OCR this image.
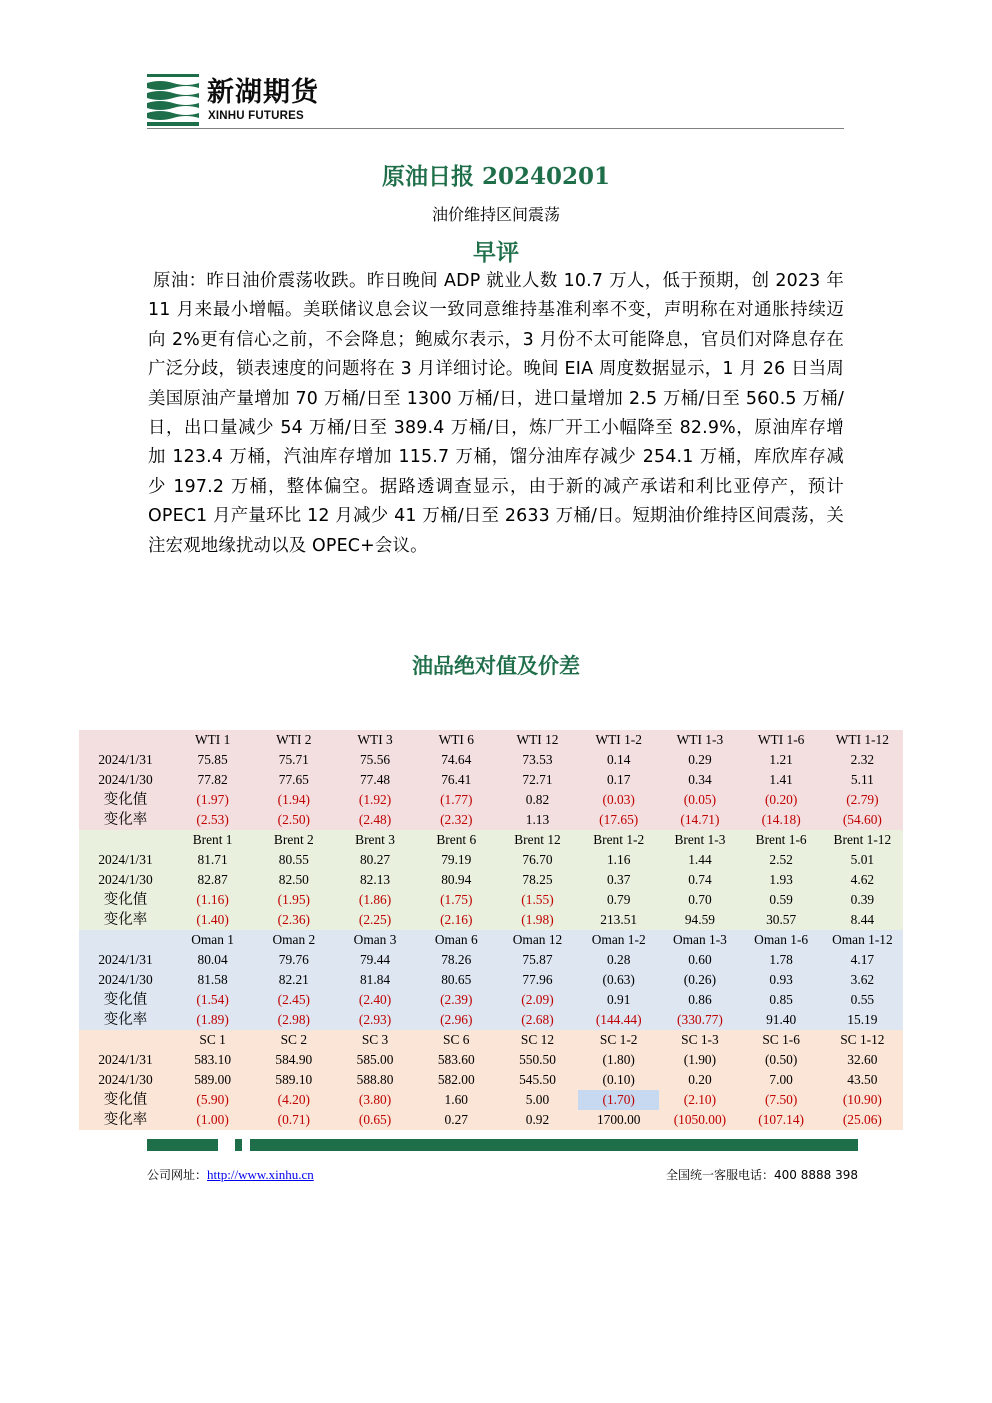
新湖期货
XINHU FUTURES
原油日报 20240201
油价维持区间震荡
早评

原油：昨日油价震荡收跌。昨日晚间 ADP 就业人数 10.7 万人，低于预期，创 2023 年 11 月来最小增幅。美联储议息会议一致同意维持基准利率不变，声明称在对通胀持续迈向 2%更有信心之前，不会降息；鲍威尔表示，3 月份不太可能降息，官员们对降息存在广泛分歧，锁表速度的问题将在 3 月详细讨论。晚间 EIA 周度数据显示，1 月 26 日当周美国原油产量增加 70 万桶/日至 1300 万桶/日，进口量增加 2.5 万桶/日至 560.5 万桶/日，出口量减少 54 万桶/日至 389.4 万桶/日，炼厂开工小幅降至 82.9%，原油库存增加 123.4 万桶，汽油库存增加 115.7 万桶，馏分油库存减少 254.1 万桶，库欣库存减少 197.2 万桶，整体偏空。据路透调查显示，由于新的减产承诺和利比亚停产，预计 OPEC1 月产量环比 12 月减少 41 万桶/日至 2633 万桶/日。短期油价维持区间震荡，关注宏观地缘扰动以及 OPEC+会议。

油品绝对值及价差
	WTI 1	WTI 2	WTI 3	WTI 6	WTI 12	WTI 1-2	WTI 1-3	WTI 1-6	WTI 1-12
2024/1/31	75.85	75.71	75.56	74.64	73.53	0.14	0.29	1.21	2.32
2024/1/30	77.82	77.65	77.48	76.41	72.71	0.17	0.34	1.41	5.11
变化值	(1.97)	(1.94)	(1.92)	(1.77)	0.82	(0.03)	(0.05)	(0.20)	(2.79)
变化率	(2.53)	(2.50)	(2.48)	(2.32)	1.13	(17.65)	(14.71)	(14.18)	(54.60)
	Brent 1	Brent 2	Brent 3	Brent 6	Brent 12	Brent 1-2	Brent 1-3	Brent 1-6	Brent 1-12
2024/1/31	81.71	80.55	80.27	79.19	76.70	1.16	1.44	2.52	5.01
2024/1/30	82.87	82.50	82.13	80.94	78.25	0.37	0.74	1.93	4.62
变化值	(1.16)	(1.95)	(1.86)	(1.75)	(1.55)	0.79	0.70	0.59	0.39
变化率	(1.40)	(2.36)	(2.25)	(2.16)	(1.98)	213.51	94.59	30.57	8.44
	Oman 1	Oman 2	Oman 3	Oman 6	Oman 12	Oman 1-2	Oman 1-3	Oman 1-6	Oman 1-12
2024/1/31	80.04	79.76	79.44	78.26	75.87	0.28	0.60	1.78	4.17
2024/1/30	81.58	82.21	81.84	80.65	77.96	(0.63)	(0.26)	0.93	3.62
变化值	(1.54)	(2.45)	(2.40)	(2.39)	(2.09)	0.91	0.86	0.85	0.55
变化率	(1.89)	(2.98)	(2.93)	(2.96)	(2.68)	(144.44)	(330.77)	91.40	15.19
	SC 1	SC 2	SC 3	SC 6	SC 12	SC 1-2	SC 1-3	SC 1-6	SC 1-12
2024/1/31	583.10	584.90	585.00	583.60	550.50	(1.80)	(1.90)	(0.50)	32.60
2024/1/30	589.00	589.10	588.80	582.00	545.50	(0.10)	0.20	7.00	43.50
变化值	(5.90)	(4.20)	(3.80)	1.60	5.00	(1.70)	(2.10)	(7.50)	(10.90)
变化率	(1.00)	(0.71)	(0.65)	0.27	0.92	1700.00	(1050.00)	(107.14)	(25.06)
公司网址：http://www.xinhu.cn	全国统一客服电话：400 8888 398
